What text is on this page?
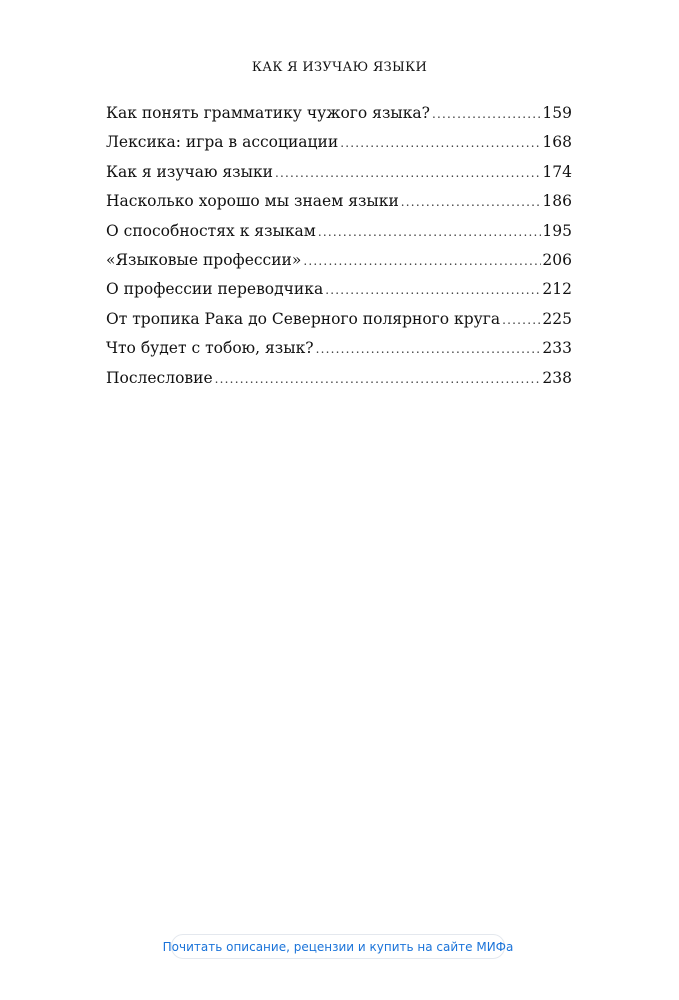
КАК Я ИЗУЧАЮ ЯЗЫКИ
Как понять грамматику чужого языка? .....	159
Лексика: игра в ассоциации .....	168
Как я изучаю языки .....	174
Насколько хорошо мы знаем языки .....	186
О способностях к языкам .....	195
«Языковые профессии» .....	206
О профессии переводчика .....	212
От тропика Рака до Северного полярного круга .....	225
Что будет с тобою, язык? .....	233
Послесловие .....	238
Почитать описание, рецензии и купить на сайте МИФа
